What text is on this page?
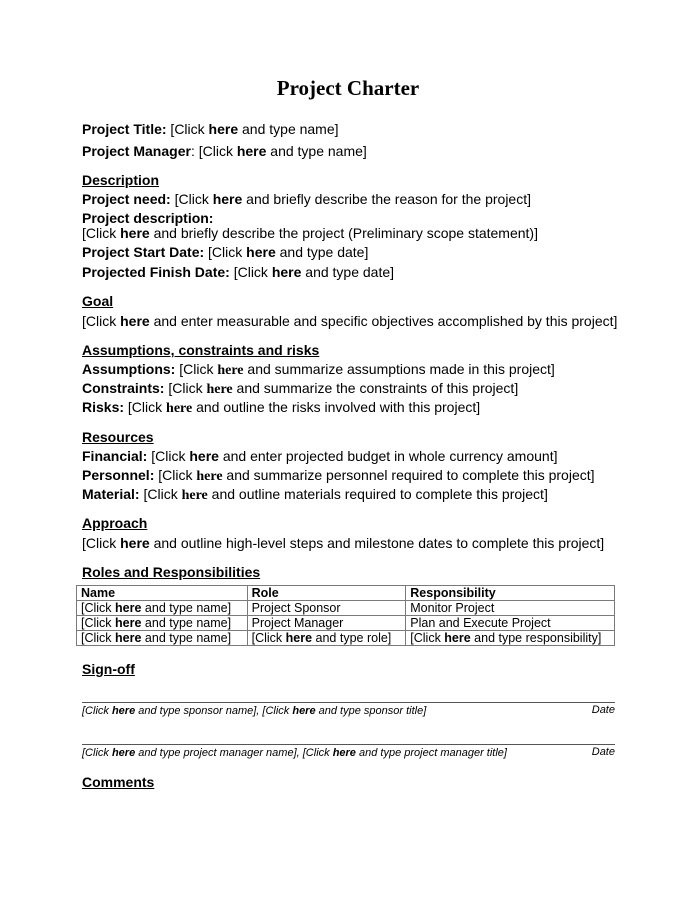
Project Charter
Project Title: [Click here and type name]
Project Manager: [Click here and type name]
Description
Project need: [Click here and briefly describe the reason for the project]
Project description:
[Click here and briefly describe the project (Preliminary scope statement)]
Project Start Date: [Click here and type date]
Projected Finish Date: [Click here and type date]
Goal
[Click here and enter measurable and specific objectives accomplished by this project]
Assumptions, constraints and risks
Assumptions: [Click here and summarize assumptions made in this project]
Constraints: [Click here and summarize the constraints of this project]
Risks: [Click here and outline the risks involved with this project]
Resources
Financial: [Click here and enter projected budget in whole currency amount]
Personnel: [Click here and summarize personnel required to complete this project]
Material: [Click here and outline materials required to complete this project]
Approach
[Click here and outline high-level steps and milestone dates to complete this project]
Roles and Responsibilities
Name	Role	Responsibility
[Click here and type name]	Project Sponsor	Monitor Project
[Click here and type name]	Project Manager	Plan and Execute Project
[Click here and type name]	[Click here and type role]	[Click here and type responsibility]
Sign-off
[Click here and type sponsor name], [Click here and type sponsor title]	Date
[Click here and type project manager name], [Click here and type project manager title]	Date
Comments
